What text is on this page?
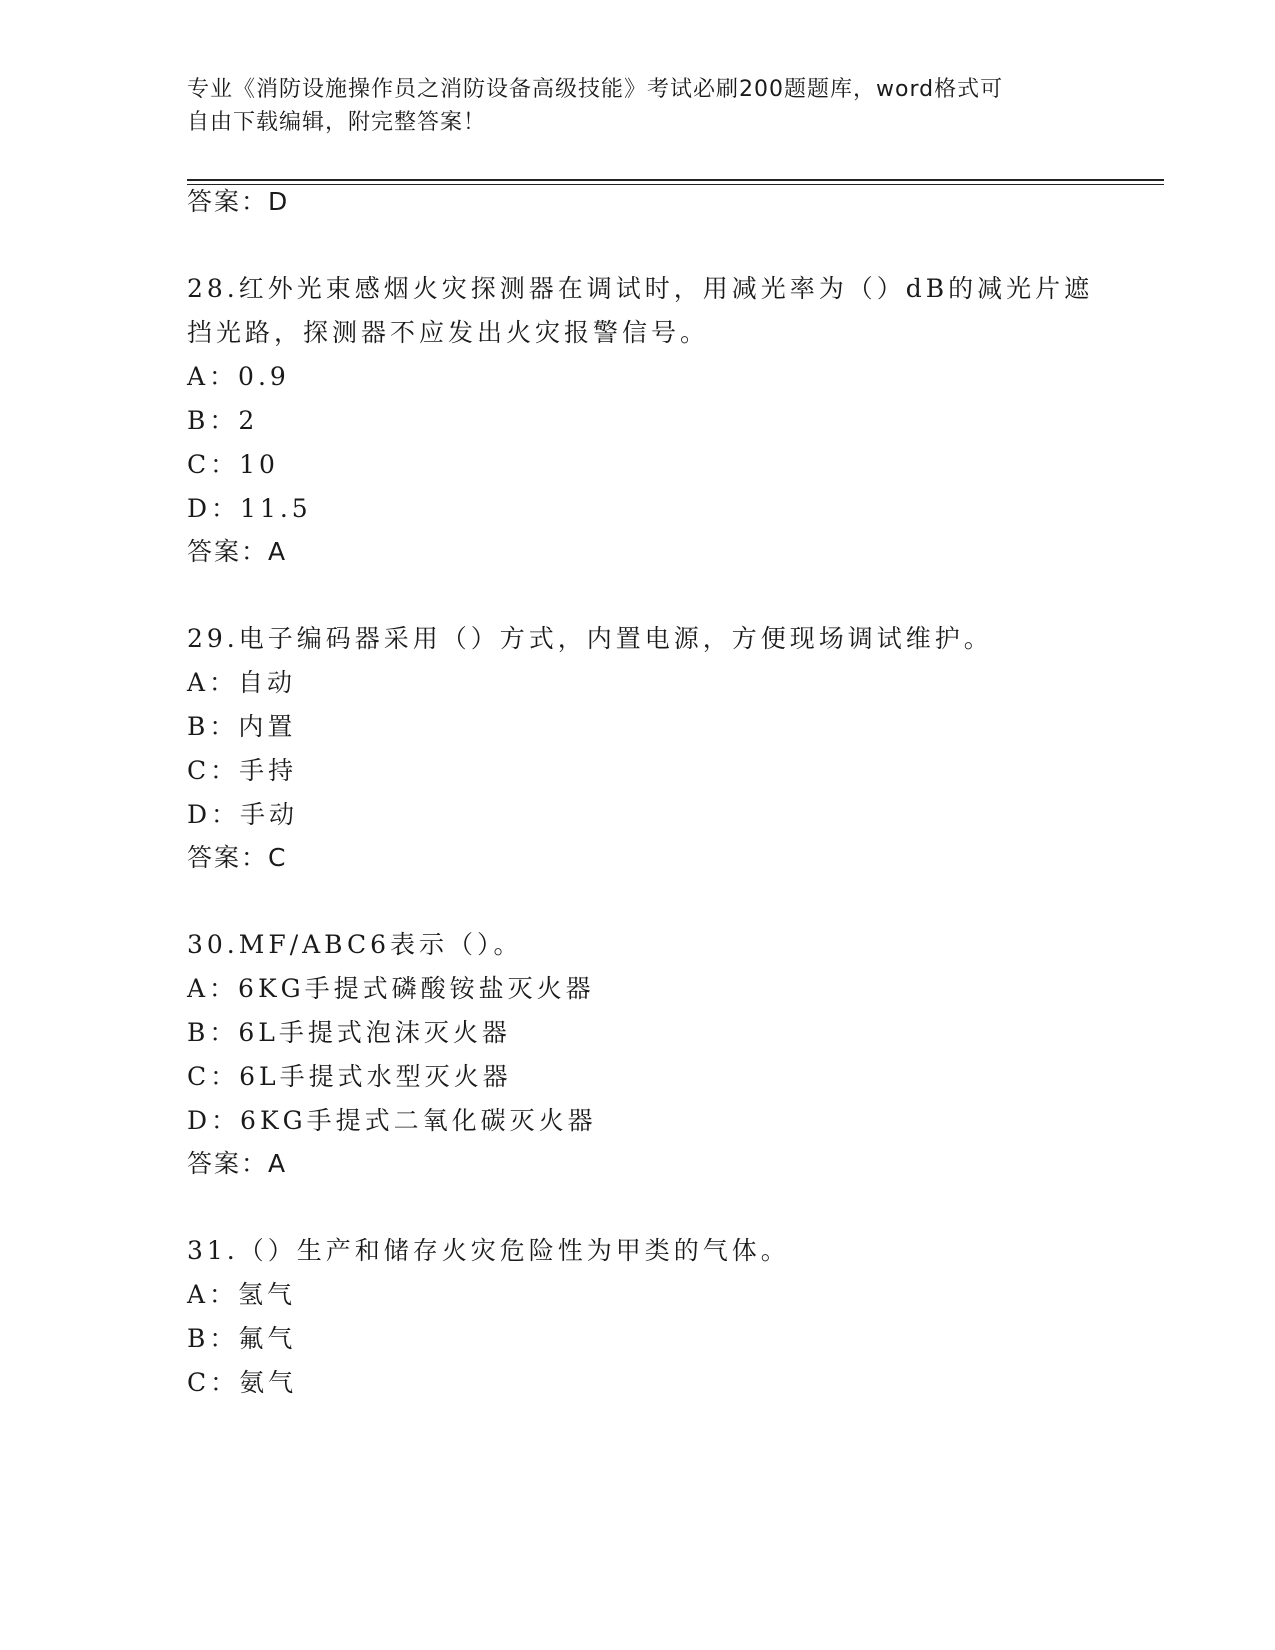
专业《消防设施操作员之消防设备高级技能》考试必刷200题题库，word格式可
自由下载编辑，附完整答案！
答案：D
28.红外光束感烟火灾探测器在调试时，用减光率为（）dB的减光片遮
挡光路，探测器不应发出火灾报警信号。
A：0.9
B：2
C：10
D：11.5
答案：A
29.电子编码器采用（）方式，内置电源，方便现场调试维护。
A：自动
B：内置
C：手持
D：手动
答案：C
30.MF/ABC6表示（）。
A：6KG手提式磷酸铵盐灭火器
B：6L手提式泡沫灭火器
C：6L手提式水型灭火器
D：6KG手提式二氧化碳灭火器
答案：A
31.（）生产和储存火灾危险性为甲类的气体。
A：氢气
B：氟气
C：氨气
